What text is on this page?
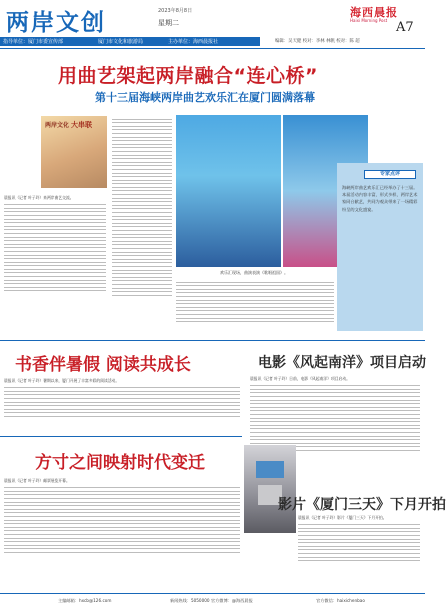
两岸文创	2023年8月8日
星期二
海西晨报
Haixi Morning Post A7
指导单位：厦门市委宣传部	厦门市文化和旅游局	主办单位：海西晨报社	编辑：吴天健 校对：李林 林帆 校对：陈 超
用曲艺架起两岸融合“连心桥”
第十三届海峡两岸曲艺欢乐汇在厦门圆满落幕
两岸文化 大串联
晨报讯（记者 叶子玲）来两岸曲艺交流。
欢乐汇现场，曲演表演《歌唱祖国》。
专家点评
海峡两岸曲艺欢乐汇已经举办了十三届。本届活动内容丰富，形式多样，两岸艺术家同台献艺，共同为观众带来了一场精彩纷呈的文化盛宴。
书香伴暑假 阅读共成长
晨报讯（记者 叶子玲）暑期以来，厦门开展了丰富多彩的阅读活动。
电影《风起南洋》项目启动
晨报讯（记者 叶子玲）日前，电影《风起南洋》项目启动。
方寸之间映射时代变迁
晨报讯（记者 叶子玲）邮票展览开幕。
影片《厦门三天》下月开拍
晨报讯（记者 叶子玲）影片《厦门三天》下月开拍。
主编邮箱：hxcb@126.com	新闻热线：5050000 官方微博：@海西晨报	官方微信：haixichenbao
